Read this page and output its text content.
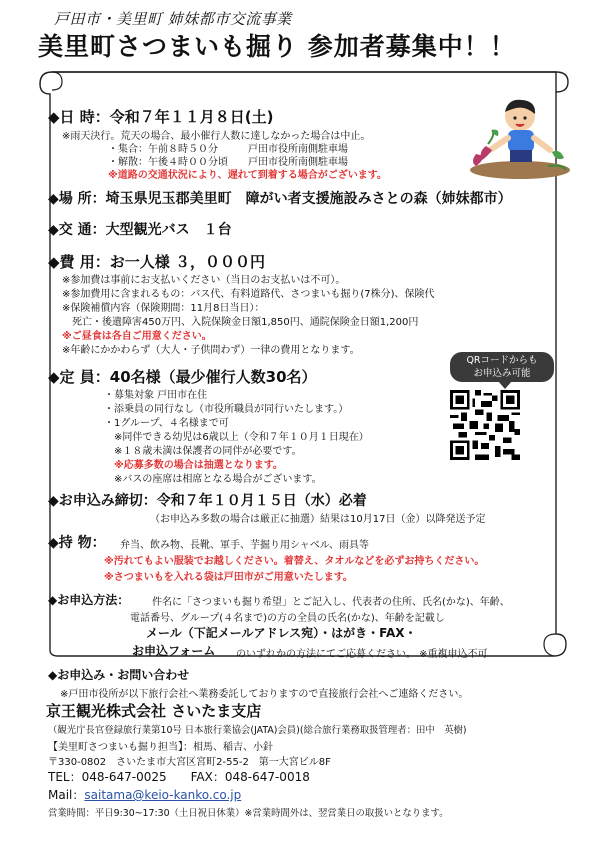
戸田市・美里町 姉妹都市交流事業
美里町さつまいも掘り 参加者募集中！！
◆日 時：令和７年１１月８日(土)
※雨天決行。荒天の場合、最小催行人数に達しなかった場合は中止。
・集合：午前８時５０分　　　戸田市役所南側駐車場
・解散：午後４時００分頃　　戸田市役所南側駐車場
※道路の交通状況により、遅れて到着する場合がございます。
◆場 所：埼玉県児玉郡美里町　障がい者支援施設みさとの森（姉妹都市）
◆交 通：大型観光バス　１台
◆費 用：お一人様 ３，０００円
※参加費は事前にお支払いください（当日のお支払いは不可）。
※参加費用に含まれるもの：バス代、有料道路代、さつまいも掘り(7株分)、保険代
※保険補償内容（保険期間：11月8日当日）：
　死亡・後遺障害450万円、入院保険金日額1,850円、通院保険金日額1,200円
※ご昼食は各自ご用意ください。
※年齢にかかわらず（大人・子供問わず）一律の費用となります。
QRコードからも
お申込み可能
◆定 員：40名様（最少催行人数30名）
・募集対象 戸田市在住
・添乗員の同行なし（市役所職員が同行いたします。）
・1グループ、４名様まで可
　※同伴できる幼児は6歳以上（令和７年１０月１日現在）
　※１８歳未満は保護者の同伴が必要です。
　※応募多数の場合は抽選となります。
　※バスの座席は相席となる場合がございます。
◆お申込み締切：令和７年１０月１５日（水）必着
（お申込み多数の場合は厳正に抽選）結果は10月17日（金）以降発送予定
◆持 物： 弁当、飲み物、長靴、軍手、芋掘り用シャベル、雨具等
※汚れてもよい服装でお越しください。着替え、タオルなどを必ずお持ちください。
※さつまいもを入れる袋は戸田市がご用意いたします。
◆お申込方法： 件名に「さつまいも掘り希望」とご記入し、代表者の住所、氏名(かな)、年齢、
電話番号、グループ(４名まで)の方の全員の氏名(かな)、年齢を記載し
メール（下記メールアドレス宛）・はがき・FAX・
お申込フォーム のいずれかの方法にてご応募ください。 ※重複申込不可
◆お申込み・お問い合わせ
※戸田市役所が以下旅行会社へ業務委託しておりますので直接旅行会社へご連絡ください。
京王観光株式会社 さいたま支店
（観光庁長官登録旅行業第10号 日本旅行業協会(JATA)会員)(総合旅行業務取扱管理者：田中　英樹)
【美里町さつまいも掘り担当】：相馬、稲吉、小針
〒330-0802　さいたま市大宮区宮町2-55-2　第一大宮ビル8F
TEL：048-647-0025　　FAX：048-647-0018
Mail：saitama@keio-kanko.co.jp
営業時間：平日9:30~17:30（土日祝日休業）※営業時間外は、翌営業日の取扱いとなります。
